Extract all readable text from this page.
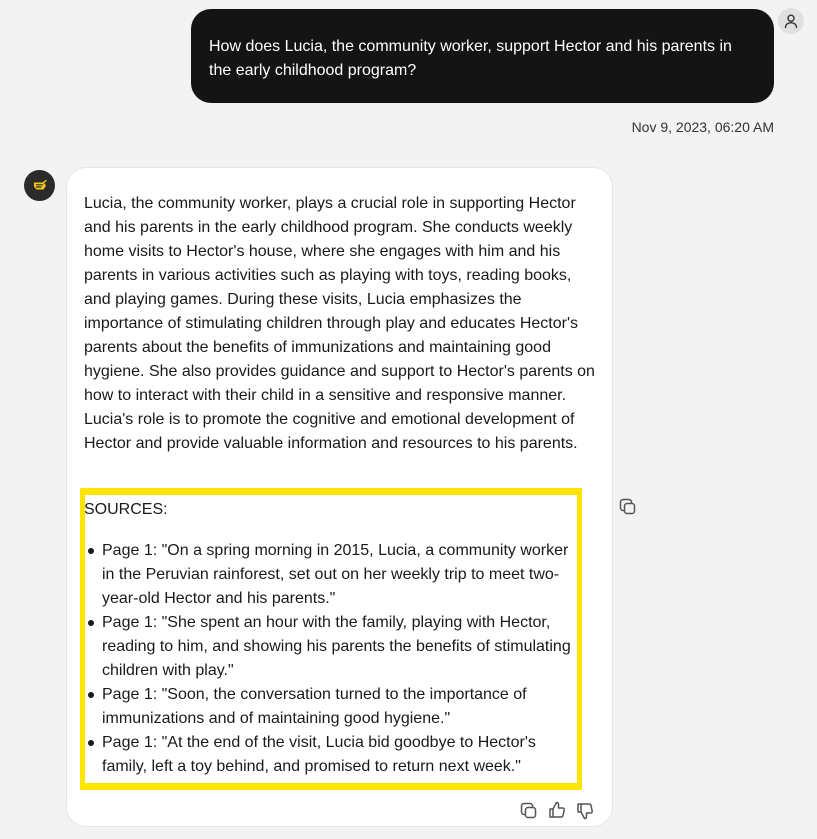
How does Lucia, the community worker, support Hector and his parents in the early childhood program?
Nov 9, 2023, 06:20 AM

Lucia, the community worker, plays a crucial role in supporting Hector and his parents in the early childhood program. She conducts weekly home visits to Hector's house, where she engages with him and his parents in various activities such as playing with toys, reading books, and playing games. During these visits, Lucia emphasizes the importance of stimulating children through play and educates Hector's parents about the benefits of immunizations and maintaining good hygiene. She also provides guidance and support to Hector's parents on how to interact with their child in a sensitive and responsive manner. Lucia's role is to promote the cognitive and emotional development of Hector and provide valuable information and resources to his parents.

SOURCES:
Page 1: "On a spring morning in 2015, Lucia, a community worker in the Peruvian rainforest, set out on her weekly trip to meet two-year-old Hector and his parents."
Page 1: "She spent an hour with the family, playing with Hector, reading to him, and showing his parents the benefits of stimulating children with play."
Page 1: "Soon, the conversation turned to the importance of immunizations and of maintaining good hygiene."
Page 1: "At the end of the visit, Lucia bid goodbye to Hector's family, left a toy behind, and promised to return next week."
